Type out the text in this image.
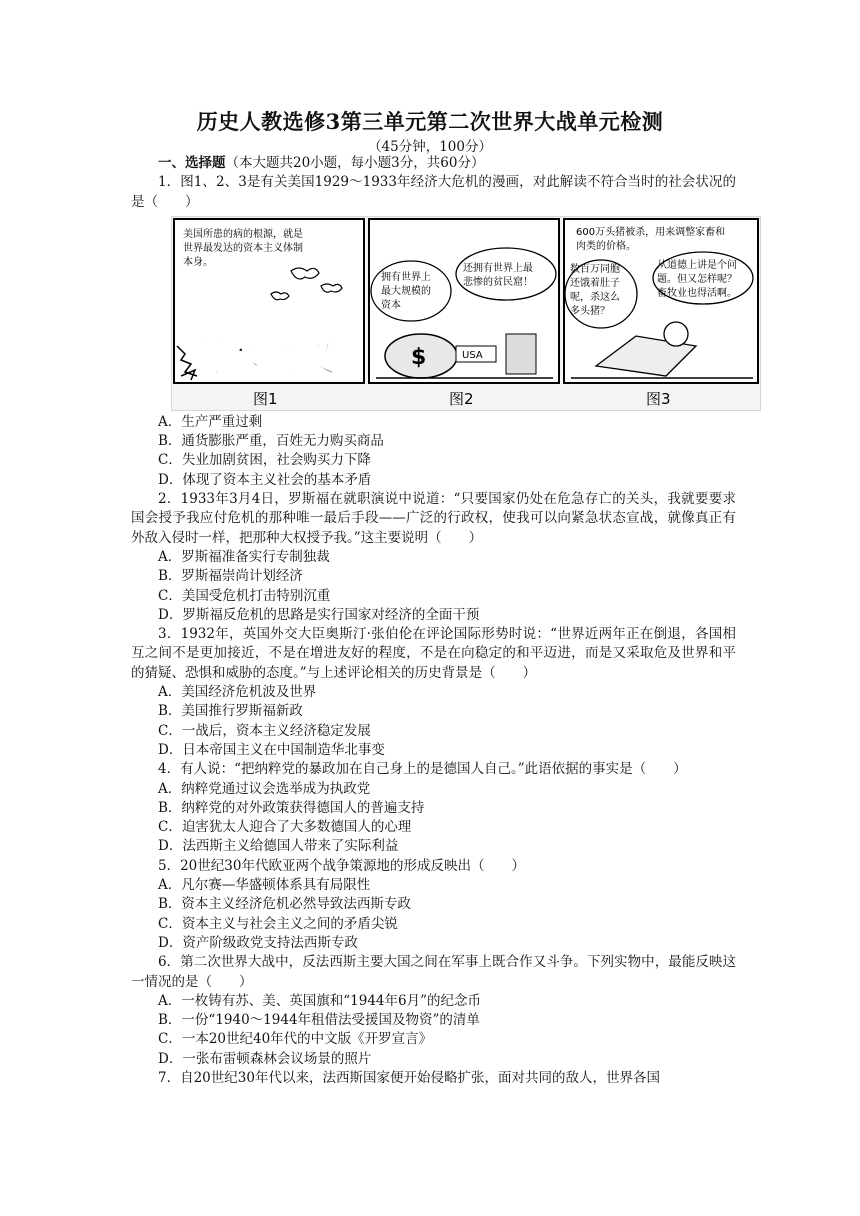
历史人教选修3第三单元第二次世界大战单元检测
（45分钟，100分）
一、选择题（本大题共20小题，每小题3分，共60分）
1．图1、2、3是有关美国1929～1933年经济大危机的漫画，对此解读不符合当时的社会状况的是（　　）
美国所患的病的根源，就是
世界最发达的资本主义体制
本身。
资本主义
拥有世界上
最大规模的
资本
还拥有世界上最
悲惨的贫民窟！
$	USA
600万头猪被杀，用来调整家畜和
肉类的价格。
数百万同胞
还饿着肚子
呢，杀这么
多头猪？
从道德上讲是个问
题。但又怎样呢？
畜牧业也得活啊。
图1	图2	图3
A．生产严重过剩
B．通货膨胀严重，百姓无力购买商品
C．失业加剧贫困，社会购买力下降
D．体现了资本主义社会的基本矛盾
2．1933年3月4日，罗斯福在就职演说中说道：“只要国家仍处在危急存亡的关头，我就要要求国会授予我应付危机的那种唯一最后手段——广泛的行政权，使我可以向紧急状态宣战，就像真正有外敌入侵时一样，把那种大权授予我。”这主要说明（　　）
A．罗斯福准备实行专制独裁
B．罗斯福崇尚计划经济
C．美国受危机打击特别沉重
D．罗斯福反危机的思路是实行国家对经济的全面干预
3．1932年，英国外交大臣奥斯汀·张伯伦在评论国际形势时说：“世界近两年正在倒退，各国相互之间不是更加接近，不是在增进友好的程度，不是在向稳定的和平迈进，而是又采取危及世界和平的猜疑、恐惧和威胁的态度。”与上述评论相关的历史背景是（　　）
A．美国经济危机波及世界
B．美国推行罗斯福新政
C．一战后，资本主义经济稳定发展
D．日本帝国主义在中国制造华北事变
4．有人说：“把纳粹党的暴政加在自己身上的是德国人自己。”此语依据的事实是（　　）
A．纳粹党通过议会选举成为执政党
B．纳粹党的对外政策获得德国人的普遍支持
C．迫害犹太人迎合了大多数德国人的心理
D．法西斯主义给德国人带来了实际利益
5．20世纪30年代欧亚两个战争策源地的形成反映出（　　）
A．凡尔赛—华盛顿体系具有局限性
B．资本主义经济危机必然导致法西斯专政
C．资本主义与社会主义之间的矛盾尖锐
D．资产阶级政党支持法西斯专政
6．第二次世界大战中，反法西斯主要大国之间在军事上既合作又斗争。下列实物中，最能反映这一情况的是（　　）
A．一枚铸有苏、美、英国旗和“1944年6月”的纪念币
B．一份“1940～1944年租借法受援国及物资”的清单
C．一本20世纪40年代的中文版《开罗宣言》
D．一张布雷顿森林会议场景的照片
7．自20世纪30年代以来，法西斯国家便开始侵略扩张，面对共同的敌人，世界各国
